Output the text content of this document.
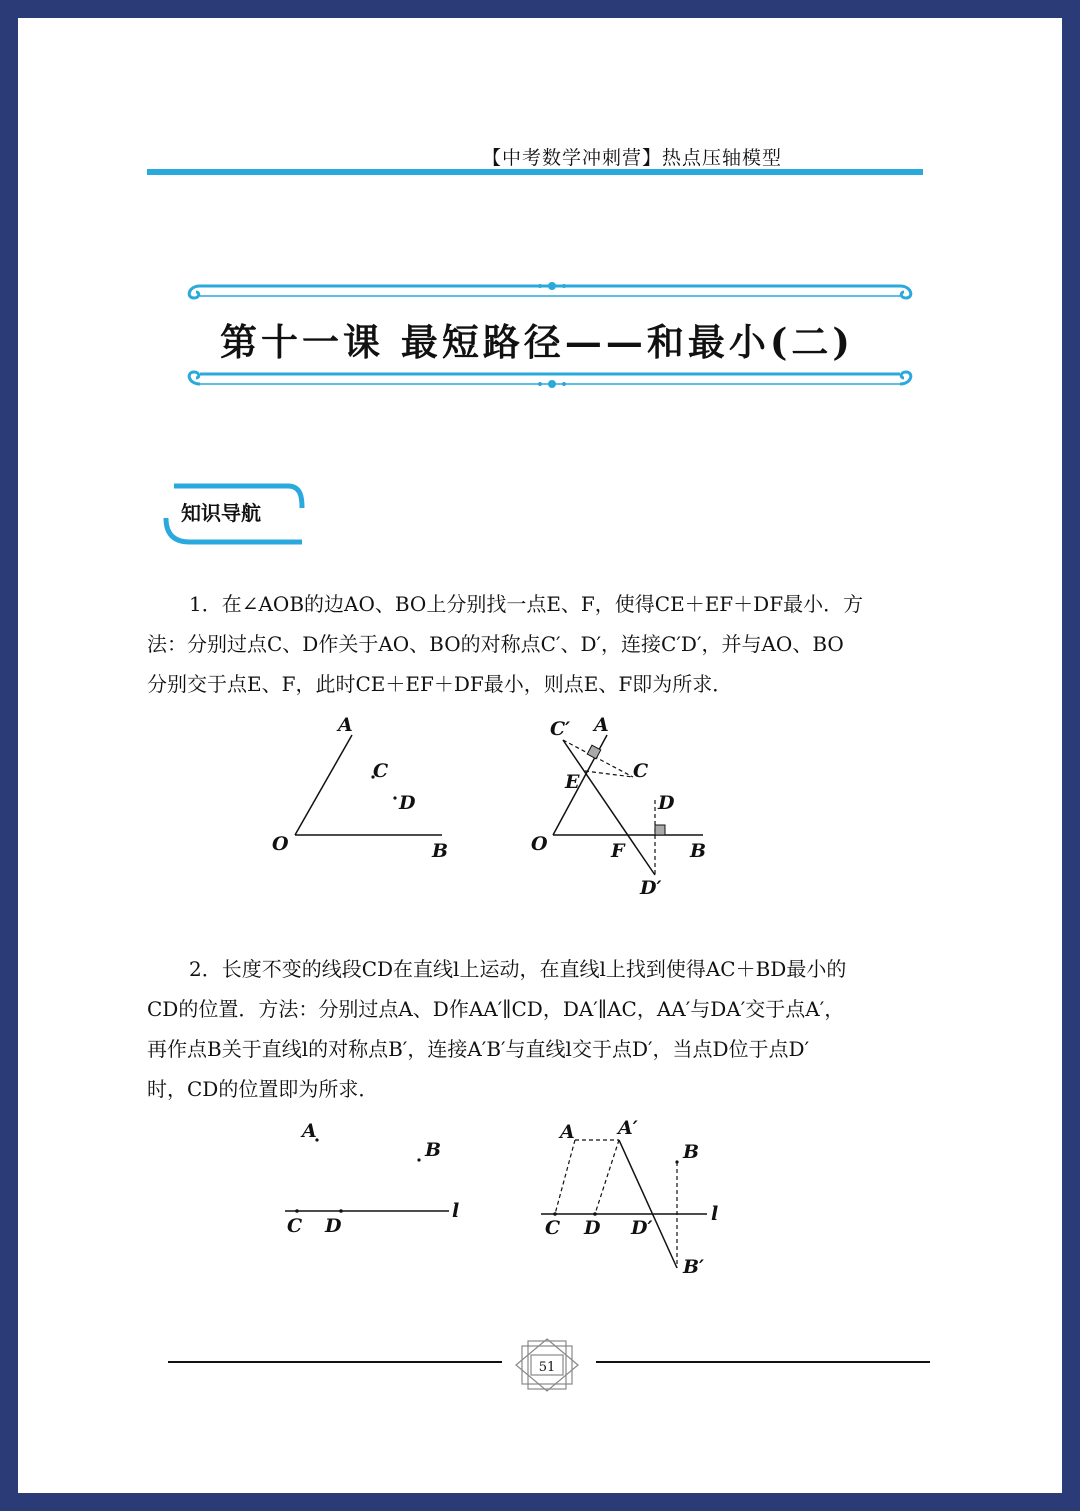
【中考数学冲刺营】热点压轴模型
第十一课 最短路径——和最小(二)
知识导航
1．在∠AOB的边AO、BO上分别找一点E、F，使得CE＋EF＋DF最小．方
法：分别过点C、D作关于AO、BO的对称点C′、D′，连接C′D′，并与AO、BO
分别交于点E、F，此时CE＋EF＋DF最小，则点E、F即为所求．
A
C
D
O	B
C′ A
C
E
D
O	F	B
D′
2．长度不变的线段CD在直线l上运动，在直线l上找到使得AC＋BD最小的
CD的位置．方法：分别过点A、D作AA′∥CD，DA′∥AC，AA′与DA′交于点A′，
再作点B关于直线l的对称点B′，连接A′B′与直线l交于点D′，当点D位于点D′
时，CD的位置即为所求．
A
B
C D
l
A A′
B
C D D′
l
B′
51
